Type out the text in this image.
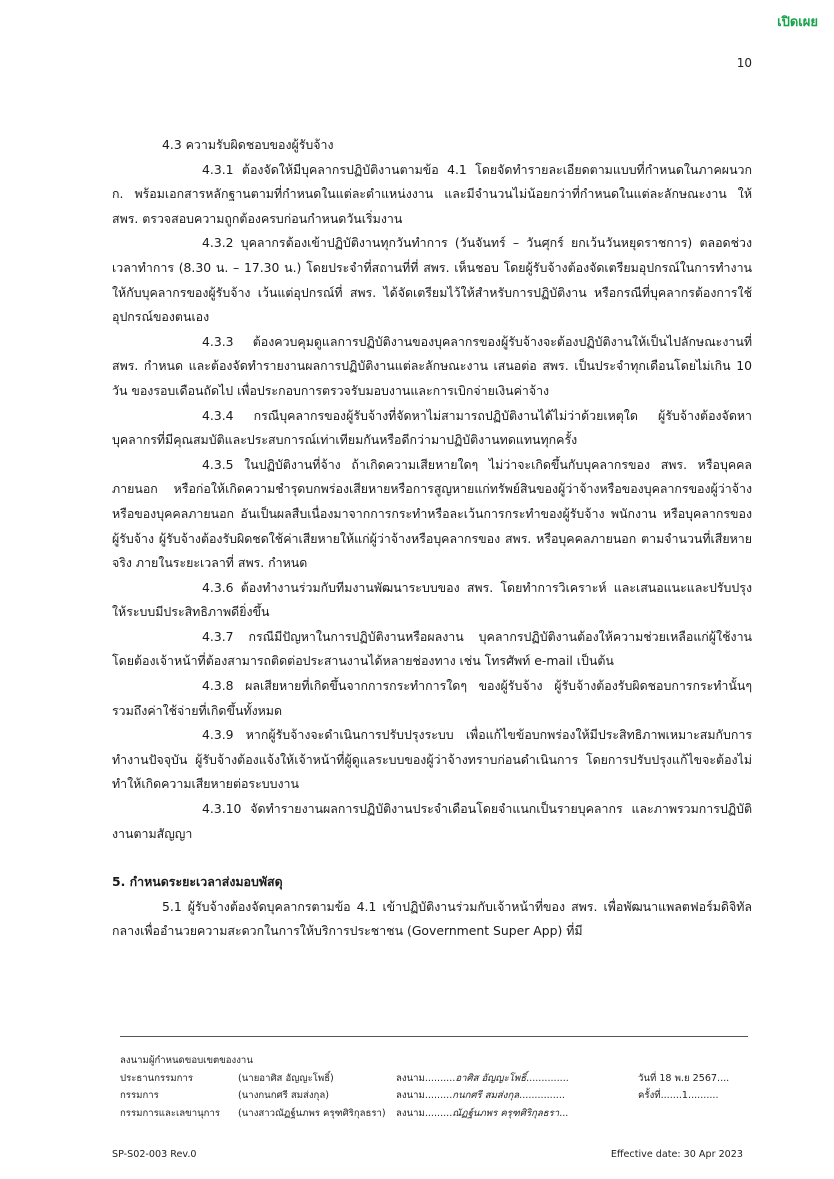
เปิดเผย
10

4.3 ความรับผิดชอบของผู้รับจ้าง

4.3.1 ต้องจัดให้มีบุคลากรปฏิบัติงานตามข้อ 4.1 โดยจัดทำรายละเอียดตามแบบที่กำหนดในภาคผนวก ก. พร้อมเอกสารหลักฐานตามที่กำหนดในแต่ละตำแหน่งงาน และมีจำนวนไม่น้อยกว่าที่กำหนดในแต่ละลักษณะงาน ให้ สพร. ตรวจสอบความถูกต้องครบก่อนกำหนดวันเริ่มงาน

4.3.2 บุคลากรต้องเข้าปฏิบัติงานทุกวันทำการ (วันจันทร์ – วันศุกร์ ยกเว้นวันหยุดราชการ) ตลอดช่วงเวลาทำการ (8.30 น. – 17.30 น.) โดยประจำที่สถานที่ที่ สพร. เห็นชอบ โดยผู้รับจ้างต้องจัดเตรียมอุปกรณ์ในการทำงานให้กับบุคลากรของผู้รับจ้าง เว้นแต่อุปกรณ์ที่ สพร. ได้จัดเตรียมไว้ให้สำหรับการปฏิบัติงาน หรือกรณีที่บุคลากรต้องการใช้อุปกรณ์ของตนเอง

4.3.3 ต้องควบคุมดูแลการปฏิบัติงานของบุคลากรของผู้รับจ้างจะต้องปฏิบัติงานให้เป็นไปลักษณะงานที่ สพร. กำหนด และต้องจัดทำรายงานผลการปฏิบัติงานแต่ละลักษณะงาน เสนอต่อ สพร. เป็นประจำทุกเดือนโดยไม่เกิน 10 วัน ของรอบเดือนถัดไป เพื่อประกอบการตรวจรับมอบงานและการเบิกจ่ายเงินค่าจ้าง

4.3.4 กรณีบุคลากรของผู้รับจ้างที่จัดหาไม่สามารถปฏิบัติงานได้ไม่ว่าด้วยเหตุใด ผู้รับจ้างต้องจัดหาบุคลากรที่มีคุณสมบัติและประสบการณ์เท่าเทียมกันหรือดีกว่ามาปฏิบัติงานทดแทนทุกครั้ง

4.3.5 ในปฏิบัติงานที่จ้าง ถ้าเกิดความเสียหายใดๆ ไม่ว่าจะเกิดขึ้นกับบุคลากรของ สพร. หรือบุคคลภายนอก หรือก่อให้เกิดความชำรุดบกพร่องเสียหายหรือการสูญหายแก่ทรัพย์สินของผู้ว่าจ้างหรือของบุคลากรของผู้ว่าจ้างหรือของบุคคลภายนอก อันเป็นผลสืบเนื่องมาจากการกระทำหรือละเว้นการกระทำของผู้รับจ้าง พนักงาน หรือบุคลากรของผู้รับจ้าง ผู้รับจ้างต้องรับผิดชดใช้ค่าเสียหายให้แก่ผู้ว่าจ้างหรือบุคลากรของ สพร. หรือบุคคลภายนอก ตามจำนวนที่เสียหายจริง ภายในระยะเวลาที่ สพร. กำหนด

4.3.6 ต้องทำงานร่วมกับทีมงานพัฒนาระบบของ สพร. โดยทำการวิเคราะห์ และเสนอแนะและปรับปรุงให้ระบบมีประสิทธิภาพดียิ่งขึ้น

4.3.7 กรณีมีปัญหาในการปฏิบัติงานหรือผลงาน บุคลากรปฏิบัติงานต้องให้ความช่วยเหลือแก่ผู้ใช้งาน โดยต้องเจ้าหน้าที่ต้องสามารถติดต่อประสานงานได้หลายช่องทาง เช่น โทรศัพท์ e-mail เป็นต้น

4.3.8 ผลเสียหายที่เกิดขึ้นจากการกระทำการใดๆ ของผู้รับจ้าง ผู้รับจ้างต้องรับผิดชอบการกระทำนั้นๆ รวมถึงค่าใช้จ่ายที่เกิดขึ้นทั้งหมด

4.3.9 หากผู้รับจ้างจะดำเนินการปรับปรุงระบบ เพื่อแก้ไขข้อบกพร่องให้มีประสิทธิภาพเหมาะสมกับการทำงานปัจจุบัน ผู้รับจ้างต้องแจ้งให้เจ้าหน้าที่ผู้ดูแลระบบของผู้ว่าจ้างทราบก่อนดำเนินการ โดยการปรับปรุงแก้ไขจะต้องไม่ทำให้เกิดความเสียหายต่อระบบงาน

4.3.10 จัดทำรายงานผลการปฏิบัติงานประจำเดือนโดยจำแนกเป็นรายบุคลากร และภาพรวมการปฏิบัติงานตามสัญญา

5. กำหนดระยะเวลาส่งมอบพัสดุ

5.1 ผู้รับจ้างต้องจัดบุคลากรตามข้อ 4.1 เข้าปฏิบัติงานร่วมกับเจ้าหน้าที่ของ สพร. เพื่อพัฒนาแพลตฟอร์มดิจิทัลกลางเพื่ออำนวยความสะดวกในการให้บริการประชาชน (Government Super App) ที่มี

ลงนามผู้กำหนดขอบเขตของงาน

ประธานกรรมการ	(นายอาศิส อัญญะโพธิ์)	ลงนาม..........อาศิส อัญญะโพธิ์..............	วันที่ 18 พ.ย 2567....
กรรมการ	(นางกนกศรี สมส่งกุล)	ลงนาม.........กนกศรี สมส่งกุล...............	ครั้งที่.......1..........
กรรมการและเลขานุการ (นางสาวณัฏฐ์นภพร ครุฑศิริกุลธรา) ลงนาม.........ณัฏฐ์นภพร ครุฑศิริกุลธรา...
SP-S02-003 Rev.0	Effective date: 30 Apr 2023
